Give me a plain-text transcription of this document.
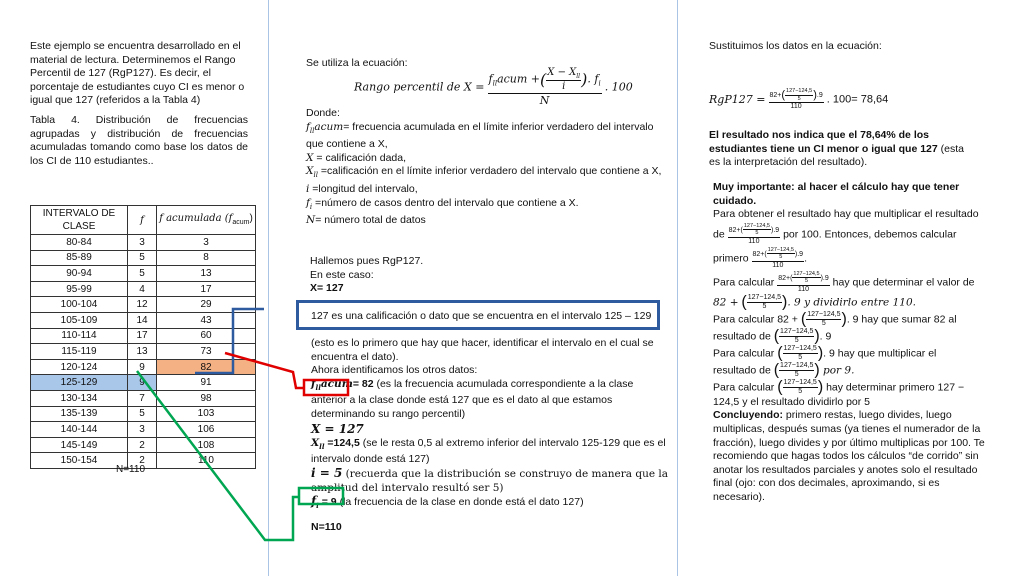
Este ejemplo se encuentra desarrollado en el material de lectura. Determinemos el Rango Percentil de 127 (RgP127). Es decir, el porcentaje de estudiantes cuyo CI es menor o igual que 127 (referidos a la Tabla 4)
Tabla 4. Distribución de frecuencias agrupadas y distribución de frecuencias acumuladas tomando como base los datos de los CI de 110 estudiantes..
INTERVALO DE CLASE	f	f acumulada $(f_{acum})$
80-84	3	3
85-89	5	8
90-94	5	13
95-99	4	17
100-104	12	29
105-109	14	43
110-114	17	60
115-119	13	73
120-124	9	82
125-129	9	91
130-134	7	98
135-139	5	103
140-144	3	106
145-149	2	108
150-154	2	110
N=110
Se utiliza la ecuación:
Rango percentil de $X = \frac{f_{ll}acum +( \frac{X - X_{ll}}{i} ). f_i}{N}$ . 100
Donde:
$f_{ll}acum=$ frecuencia acumulada en el límite inferior verdadero del intervalo que contiene a X,
X = calificación dada,
$X_{ll}$ =calificación en el límite inferior verdadero del intervalo que contiene a X,
i =longitud del intervalo,
$f_i$ =número de casos dentro del intervalo que contiene a X.
N= número total de datos
Hallemos pues RgP127.
En este caso:
X= 127
127 es una calificación o dato que se encuentra en el intervalo 125 – 129
(esto es lo primero que hay que hacer, identificar el intervalo en el cual se encuentra el dato).
Ahora identificamos los otros datos:
$f_{ll}acum= 82$ (es la frecuencia acumulada correspondiente a la clase anterior a la clase donde está 127 que es el dato al que estamos determinando su rango percentil)
X = 127
$X_{ll} =124,5$ (se le resta 0,5 al extremo inferior del intervalo 125-129 que es el intervalo donde está 127)
i = 5 (recuerda que la distribución se construyo de manera que la amplitud del intervalo resultó ser 5)
$f_i = 9$ (la frecuencia de la clase en donde está el dato 127)
N=110
Sustituimos los datos en la ecuación:
$RgP127 = \frac{82+( \frac{127-124,5}{5} ).9}{110}$ . 100= 78,64
El resultado nos indica que el 78,64% de los estudiantes tiene un CI menor o igual que 127 (esta es la interpretación del resultado).
Muy importante: al hacer el cálculo hay que tener cuidado.
Para obtener el resultado hay que multiplicar el resultado
de $\frac{82+( \frac{127-124,5}{5} ).9}{110}$ por 100. Entonces, debemos calcular
primero $\frac{82+( \frac{127-124,5}{5} ).9}{110}$ .
Para calcular $\frac{82+( \frac{127-124,5}{5} ).9}{110}$ hay que determinar el valor de
82 + ( $\frac{127-124,5}{5}$ ). 9 y dividirlo entre 110.
Para calcular 82 + ( $\frac{127-124,5}{5}$ ). 9 hay que sumar 82 al
resultado de ( $\frac{127-124,5}{5}$ ). 9
Para calcular ( $\frac{127-124,5}{5}$ ). 9 hay que multiplicar el
resultado de ( $\frac{127-124,5}{5}$ ) por 9.
Para calcular ( $\frac{127-124,5}{5}$ ) hay determinar primero 127 −
124,5 y el resultado dividirlo por 5
Concluyendo: primero restas, luego divides, luego multiplicas, después sumas (ya tienes el numerador de la fracción), luego divides y por último multiplicas por 100. Te recomiendo que hagas todos los cálculos “de corrido” sin anotar los resultados parciales y anotes solo el resultado final (ojo: con dos decimales, aproximando, si es necesario).
